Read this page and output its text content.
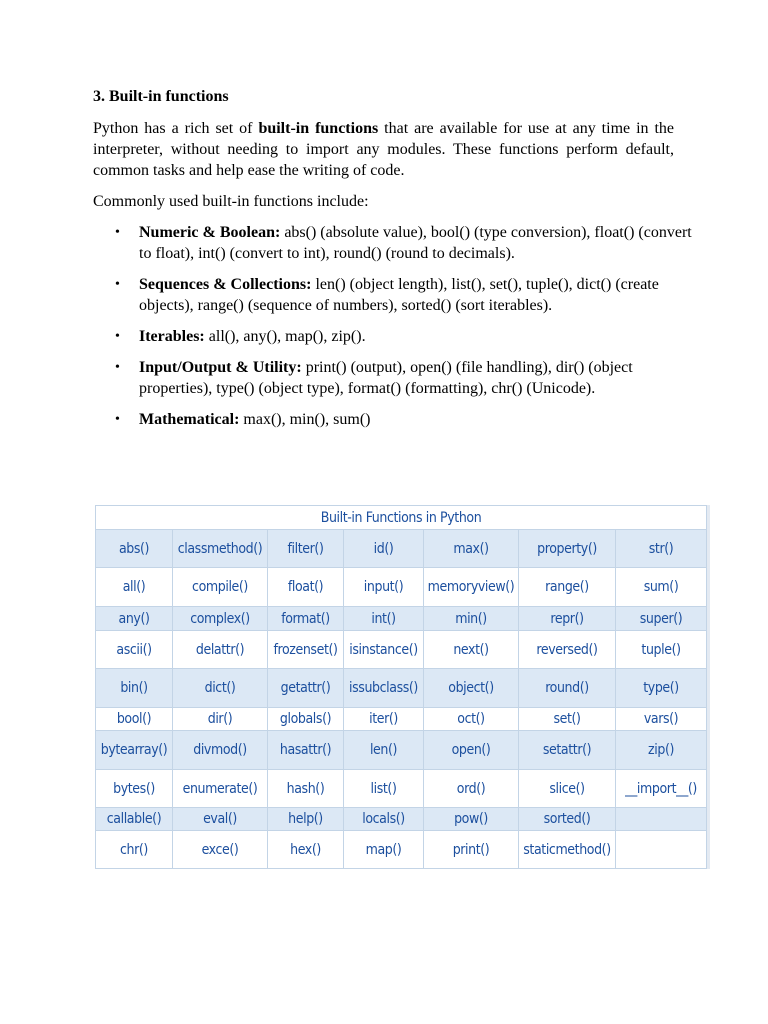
3. Built-in functions

Python has a rich set of built-in functions that are available for use at any time in the interpreter, without needing to import any modules. These functions perform default, common tasks and help ease the writing of code.

Commonly used built-in functions include:

• Numeric & Boolean: abs() (absolute value), bool() (type conversion), float() (convert to float), int() (convert to int), round() (round to decimals).
• Sequences & Collections: len() (object length), list(), set(), tuple(), dict() (create objects), range() (sequence of numbers), sorted() (sort iterables).
• Iterables: all(), any(), map(), zip().
• Input/Output & Utility: print() (output), open() (file handling), dir() (object properties), type() (object type), format() (formatting), chr() (Unicode).
• Mathematical: max(), min(), sum()
Built-in Functions in Python						
abs()	classmethod()	filter()	id()	max()	property()	str()
all()	compile()	float()	input()	memoryview()	range()	sum()
any()	complex()	format()	int()	min()	repr()	super()
ascii()	delattr()	frozenset()	isinstance()	next()	reversed()	tuple()
bin()	dict()	getattr()	issubclass()	object()	round()	type()
bool()	dir()	globals()	iter()	oct()	set()	vars()
bytearray()	divmod()	hasattr()	len()	open()	setattr()	zip()
bytes()	enumerate()	hash()	list()	ord()	slice()	__import__()
callable()	eval()	help()	locals()	pow()	sorted()	
chr()	exce()	hex()	map()	print()	staticmethod()	
